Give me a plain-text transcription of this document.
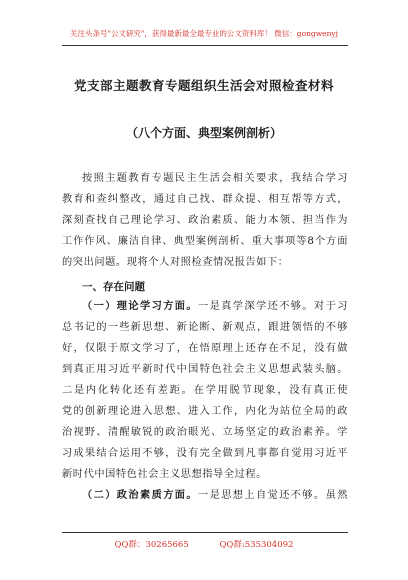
关注头条号"公文研究"，获得最新最全最专业的公文资料库！ 微信：gongwenyj
党支部主题教育专题组织生活会对照检查材料
（八个方面、典型案例剖析）
按照主题教育专题民主生活会相关要求，我结合学习
教育和查纠整改，通过自己找、群众提、相互帮等方式，
深刻查找自己理论学习、政治素质、能力本领、担当作为
工作作风、廉洁自律、典型案例剖析、重大事项等8个方面
的突出问题。现将个人对照检查情况报告如下：
一、存在问题
（一）理论学习方面。一是真学深学还不够。对于习
总书记的一些新思想、新论断、新观点，跟进领悟的不够
好，仅限于原文学习了，在悟原理上还存在不足，没有做
到真正用习近平新时代中国特色社会主义思想武装头脑。
二是内化转化还有差距。在学用脱节现象，没有真正使
党的创新理论进入思想、进入工作，内化为站位全局的政
治视野、清醒敏锐的政治眼光、立场坚定的政治素养。学
习成果结合运用不够，没有完全做到凡事都自觉用习近平
新时代中国特色社会主义思想指导全过程。
（二）政治素质方面。一是思想上自觉还不够。虽然
QQ群：30265665	QQ群:535304092
